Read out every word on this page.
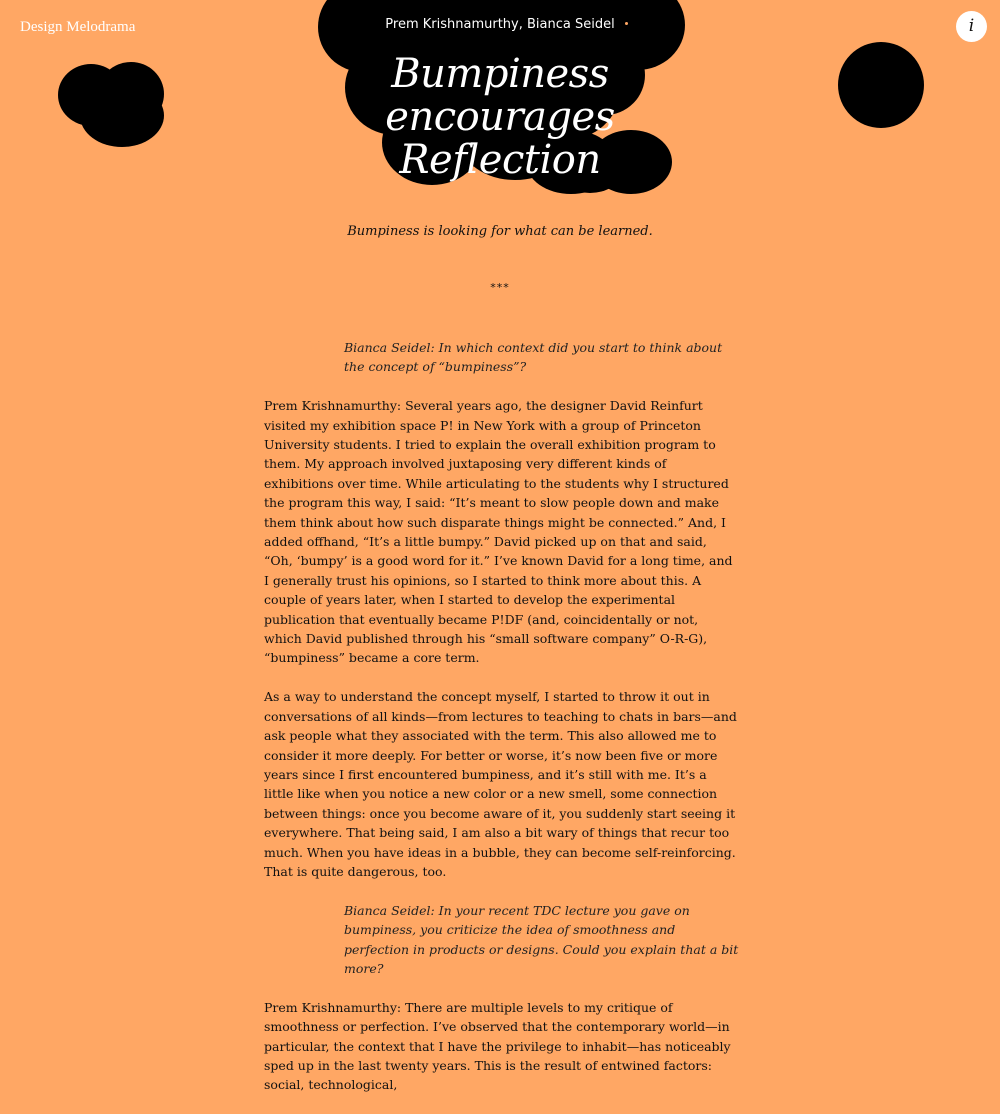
Design Melodrama	Prem Krishnamurthy, Bianca Seidel	i
Bumpiness
encourages
Reflection

Bumpiness is looking for what can be learned.

***

Bianca Seidel: In which context did you start to think about the concept of “bumpiness”?

Prem Krishnamurthy: Several years ago, the designer David Reinfurt visited my exhibition space P! in New York with a group of Princeton University students. I tried to explain the overall exhibition program to them. My approach involved juxtaposing very different kinds of exhibitions over time. While articulating to the students why I structured the program this way, I said: “It’s meant to slow people down and make them think about how such disparate things might be connected.” And, I added offhand, “It’s a little bumpy.” David picked up on that and said, “Oh, ‘bumpy’ is a good word for it.” I’ve known David for a long time, and I generally trust his opinions, so I started to think more about this. A couple of years later, when I started to develop the experimental publication that eventually became P!DF (and, coincidentally or not, which David published through his “small software company” O-R-G), “bumpiness” became a core term.

As a way to understand the concept myself, I started to throw it out in conversations of all kinds—from lectures to teaching to chats in bars—and ask people what they associated with the term. This also allowed me to consider it more deeply. For better or worse, it’s now been five or more years since I first encountered bumpiness, and it’s still with me. It’s a little like when you notice a new color or a new smell, some connection between things: once you become aware of it, you suddenly start seeing it everywhere. That being said, I am also a bit wary of things that recur too much. When you have ideas in a bubble, they can become self-reinforcing. That is quite dangerous, too.

Bianca Seidel: In your recent TDC lecture you gave on bumpiness, you criticize the idea of smoothness and perfection in products or designs. Could you explain that a bit more?

Prem Krishnamurthy: There are multiple levels to my critique of smoothness or perfection. I’ve observed that the contemporary world—in particular, the context that I have the privilege to inhabit—has noticeably sped up in the last twenty years. This is the result of entwined factors: social, technological,
